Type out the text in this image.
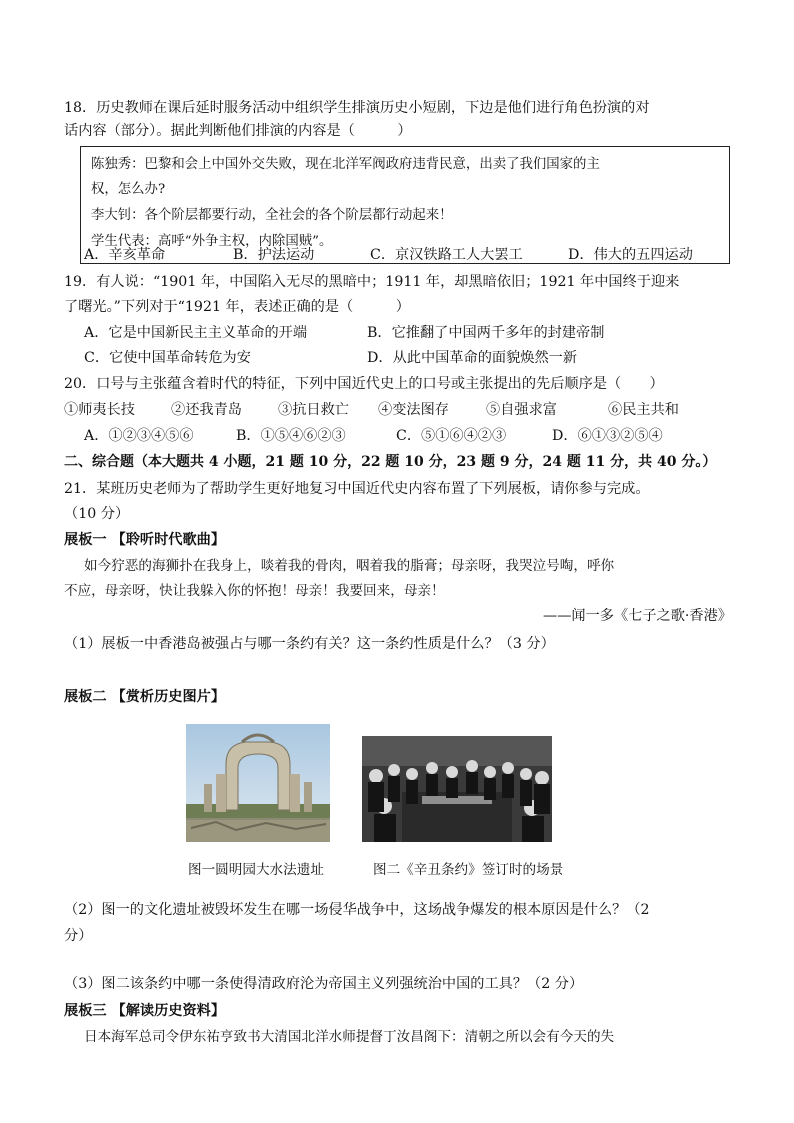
18．历史教师在课后延时服务活动中组织学生排演历史小短剧，下边是他们进行角色扮演的对
话内容（部分）。据此判断他们排演的内容是（　　　）
陈独秀：巴黎和会上中国外交失败，现在北洋军阀政府违背民意，出卖了我们国家的主
权，怎么办?
李大钊：各个阶层都要行动，全社会的各个阶层都行动起来！
学生代表：高呼“外争主权，内除国贼”。
A．辛亥革命	B．护法运动	C．京汉铁路工人大罢工	D．伟大的五四运动
19．有人说：“1901 年，中国陷入无尽的黑暗中；1911 年，却黑暗依旧；1921 年中国终于迎来
了曙光。”下列对于“1921 年，表述正确的是（　　　）
A．它是中国新民主主义革命的开端	B．它推翻了中国两千多年的封建帝制
C．它使中国革命转危为安	D．从此中国革命的面貌焕然一新
20．口号与主张蕴含着时代的特征，下列中国近代史上的口号或主张提出的先后顺序是（　　）
①师夷长技	②还我青岛	③抗日救亡 ④变法图存	⑤自强求富	⑥民主共和
A．①②③④⑤⑥	B．①⑤④⑥②③	C．⑤①⑥④②③	D．⑥①③②⑤④
二、综合题（本大题共 4 小题，21 题 10 分，22 题 10 分，23 题 9 分，24 题 11 分，共 40 分。）
21．某班历史老师为了帮助学生更好地复习中国近代史内容布置了下列展板，请你参与完成。
（10 分）
展板一 【聆听时代歌曲】
如今狞恶的海狮扑在我身上，啖着我的骨肉，咽着我的脂膏；母亲呀，我哭泣号啕，呼你
不应，母亲呀，快让我躲入你的怀抱！母亲！我要回来，母亲！
——闻一多《七子之歌·香港》
（1）展板一中香港岛被强占与哪一条约有关？这一条约性质是什么？（3 分）
展板二 【赏析历史图片】
图一圆明园大水法遗址	图二《辛丑条约》签订时的场景
（2）图一的文化遗址被毁坏发生在哪一场侵华战争中，这场战争爆发的根本原因是什么？（2
分）
（3）图二该条约中哪一条使得清政府沦为帝国主义列强统治中国的工具？（2 分）
展板三 【解读历史资料】
日本海军总司令伊东祐亨致书大清国北洋水师提督丁汝昌阁下：清朝之所以会有今天的失
